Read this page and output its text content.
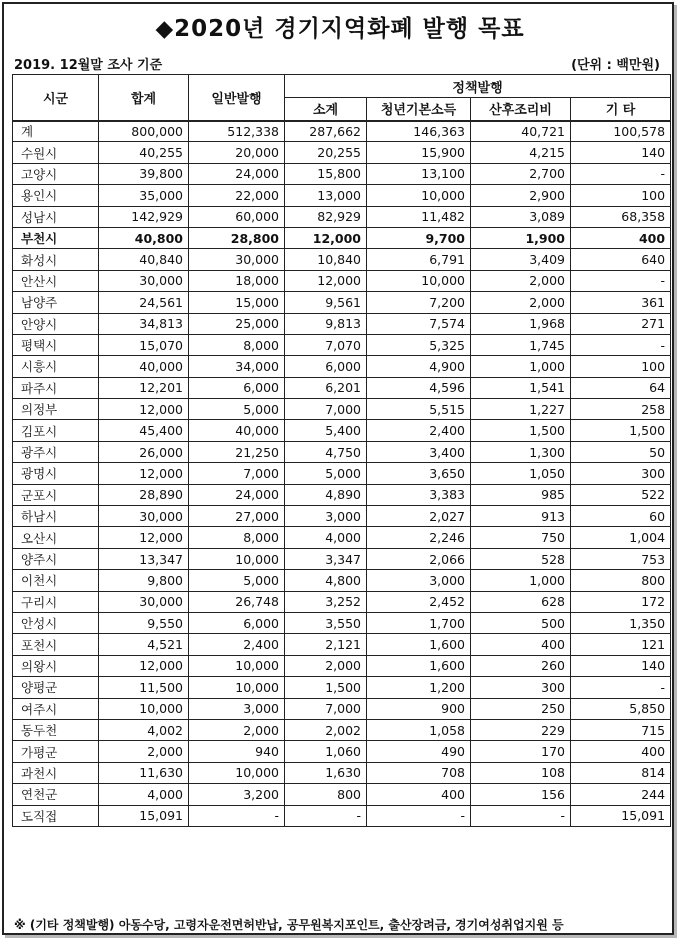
◆2020년 경기지역화폐 발행 목표
2019. 12월말 조사 기준	(단위 : 백만원)
시군	합계	일반발행	정책발행			
			소계	청년기본소득	산후조리비	기 타
계	800,000	512,338	287,662	146,363	40,721	100,578
수원시	40,255	20,000	20,255	15,900	4,215	140
고양시	39,800	24,000	15,800	13,100	2,700	-
용인시	35,000	22,000	13,000	10,000	2,900	100
성남시	142,929	60,000	82,929	11,482	3,089	68,358
부천시	40,800	28,800	12,000	9,700	1,900	400
화성시	40,840	30,000	10,840	6,791	3,409	640
안산시	30,000	18,000	12,000	10,000	2,000	-
남양주	24,561	15,000	9,561	7,200	2,000	361
안양시	34,813	25,000	9,813	7,574	1,968	271
평택시	15,070	8,000	7,070	5,325	1,745	-
시흥시	40,000	34,000	6,000	4,900	1,000	100
파주시	12,201	6,000	6,201	4,596	1,541	64
의정부	12,000	5,000	7,000	5,515	1,227	258
김포시	45,400	40,000	5,400	2,400	1,500	1,500
광주시	26,000	21,250	4,750	3,400	1,300	50
광명시	12,000	7,000	5,000	3,650	1,050	300
군포시	28,890	24,000	4,890	3,383	985	522
하남시	30,000	27,000	3,000	2,027	913	60
오산시	12,000	8,000	4,000	2,246	750	1,004
양주시	13,347	10,000	3,347	2,066	528	753
이천시	9,800	5,000	4,800	3,000	1,000	800
구리시	30,000	26,748	3,252	2,452	628	172
안성시	9,550	6,000	3,550	1,700	500	1,350
포천시	4,521	2,400	2,121	1,600	400	121
의왕시	12,000	10,000	2,000	1,600	260	140
양평군	11,500	10,000	1,500	1,200	300	-
여주시	10,000	3,000	7,000	900	250	5,850
동두천	4,002	2,000	2,002	1,058	229	715
가평군	2,000	940	1,060	490	170	400
과천시	11,630	10,000	1,630	708	108	814
연천군	4,000	3,200	800	400	156	244
도직접	15,091	-	-	-	-	15,091
※ (기타 정책발행) 아동수당, 고령자운전면허반납, 공무원복지포인트, 출산장려금, 경기여성취업지원 등
